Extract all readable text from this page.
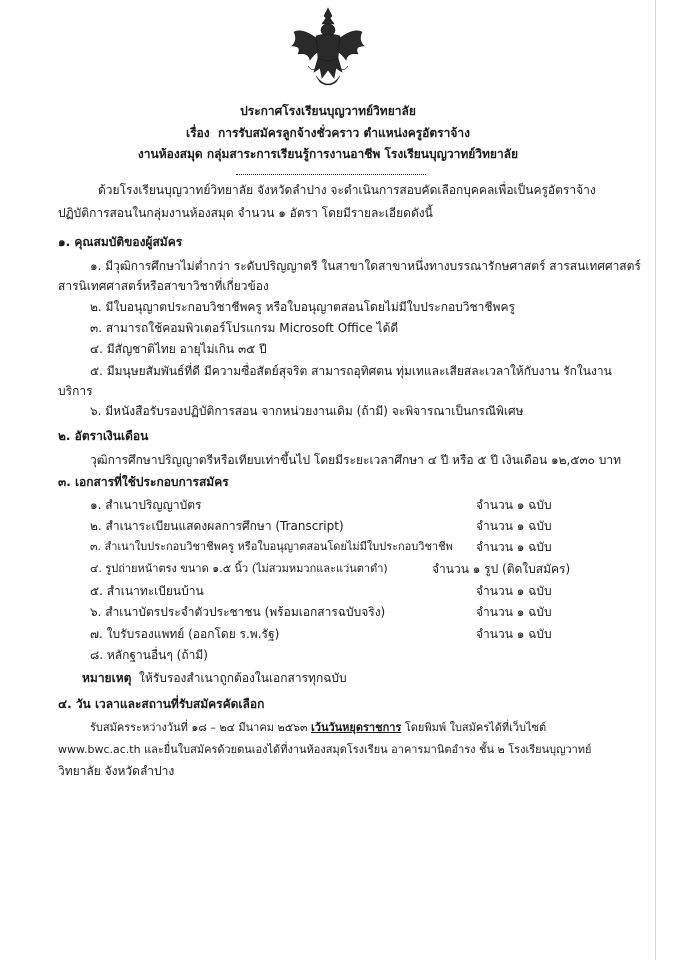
ประกาศโรงเรียนบุญวาทย์วิทยาลัย
เรื่อง การรับสมัครลูกจ้างชั่วคราว ตำแหน่งครูอัตราจ้าง
งานห้องสมุด กลุ่มสาระการเรียนรู้การงานอาชีพ โรงเรียนบุญวาทย์วิทยาลัย
ด้วยโรงเรียนบุญวาทย์วิทยาลัย จังหวัดลำปาง จะดำเนินการสอบคัดเลือกบุคคลเพื่อเป็นครูอัตราจ้าง
ปฏิบัติการสอนในกลุ่มงานห้องสมุด จำนวน ๑ อัตรา โดยมีรายละเอียดดังนี้
๑. คุณสมบัติของผู้สมัคร
๑. มีวุฒิการศึกษาไม่ต่ำกว่า ระดับปริญญาตรี ในสาขาใดสาขาหนึ่งทางบรรณารักษศาสตร์ สารสนเทศศาสตร์
สารนิเทศศาสตร์หรือสาขาวิชาที่เกี่ยวข้อง
๒. มีใบอนุญาตประกอบวิชาชีพครู หรือใบอนุญาตสอนโดยไม่มีใบประกอบวิชาชีพครู
๓. สามารถใช้คอมพิวเตอร์โปรแกรม Microsoft Office ได้ดี
๔. มีสัญชาติไทย อายุไม่เกิน ๓๕ ปี
๕. มีมนุษยสัมพันธ์ที่ดี มีความซื่อสัตย์สุจริต สามารถอุทิศตน ทุ่มเทและเสียสละเวลาให้กับงาน รักในงาน
บริการ
๖. มีหนังสือรับรองปฏิบัติการสอน จากหน่วยงานเดิม (ถ้ามี) จะพิจารณาเป็นกรณีพิเศษ
๒. อัตราเงินเดือน
วุฒิการศึกษาปริญญาตรีหรือเทียบเท่าขึ้นไป โดยมีระยะเวลาศึกษา ๔ ปี หรือ ๕ ปี เงินเดือน ๑๒,๕๓๐ บาท
๓. เอกสารที่ใช้ประกอบการสมัคร
๑. สำเนาปริญญาบัตร	จำนวน ๑ ฉบับ
๒. สำเนาระเบียนแสดงผลการศึกษา (Transcript)	จำนวน ๑ ฉบับ
๓. สำเนาใบประกอบวิชาชีพครู หรือใบอนุญาตสอนโดยไม่มีใบประกอบวิชาชีพ จำนวน ๑ ฉบับ
๔. รูปถ่ายหน้าตรง ขนาด ๑.๕ นิ้ว (ไม่สวมหมวกและแว่นตาดำ)	จำนวน ๑ รูป (ติดใบสมัคร)
๕. สำเนาทะเบียนบ้าน	จำนวน ๑ ฉบับ
๖. สำเนาบัตรประจำตัวประชาชน (พร้อมเอกสารฉบับจริง)	จำนวน ๑ ฉบับ
๗. ใบรับรองแพทย์ (ออกโดย ร.พ.รัฐ)	จำนวน ๑ ฉบับ
๘. หลักฐานอื่นๆ (ถ้ามี)
หมายเหตุ ให้รับรองสำเนาถูกต้องในเอกสารทุกฉบับ
๔. วัน เวลาและสถานที่รับสมัครคัดเลือก
รับสมัครระหว่างวันที่ ๑๘ – ๒๔ มีนาคม ๒๕๖๓ เว้นวันหยุดราชการ โดยพิมพ์ ใบสมัครได้ที่เว็บไซต์
www.bwc.ac.th และยื่นใบสมัครด้วยตนเองได้ที่งานห้องสมุดโรงเรียน อาคารมานิตอำรง ชั้น ๒ โรงเรียนบุญวาทย์
วิทยาลัย จังหวัดลำปาง
